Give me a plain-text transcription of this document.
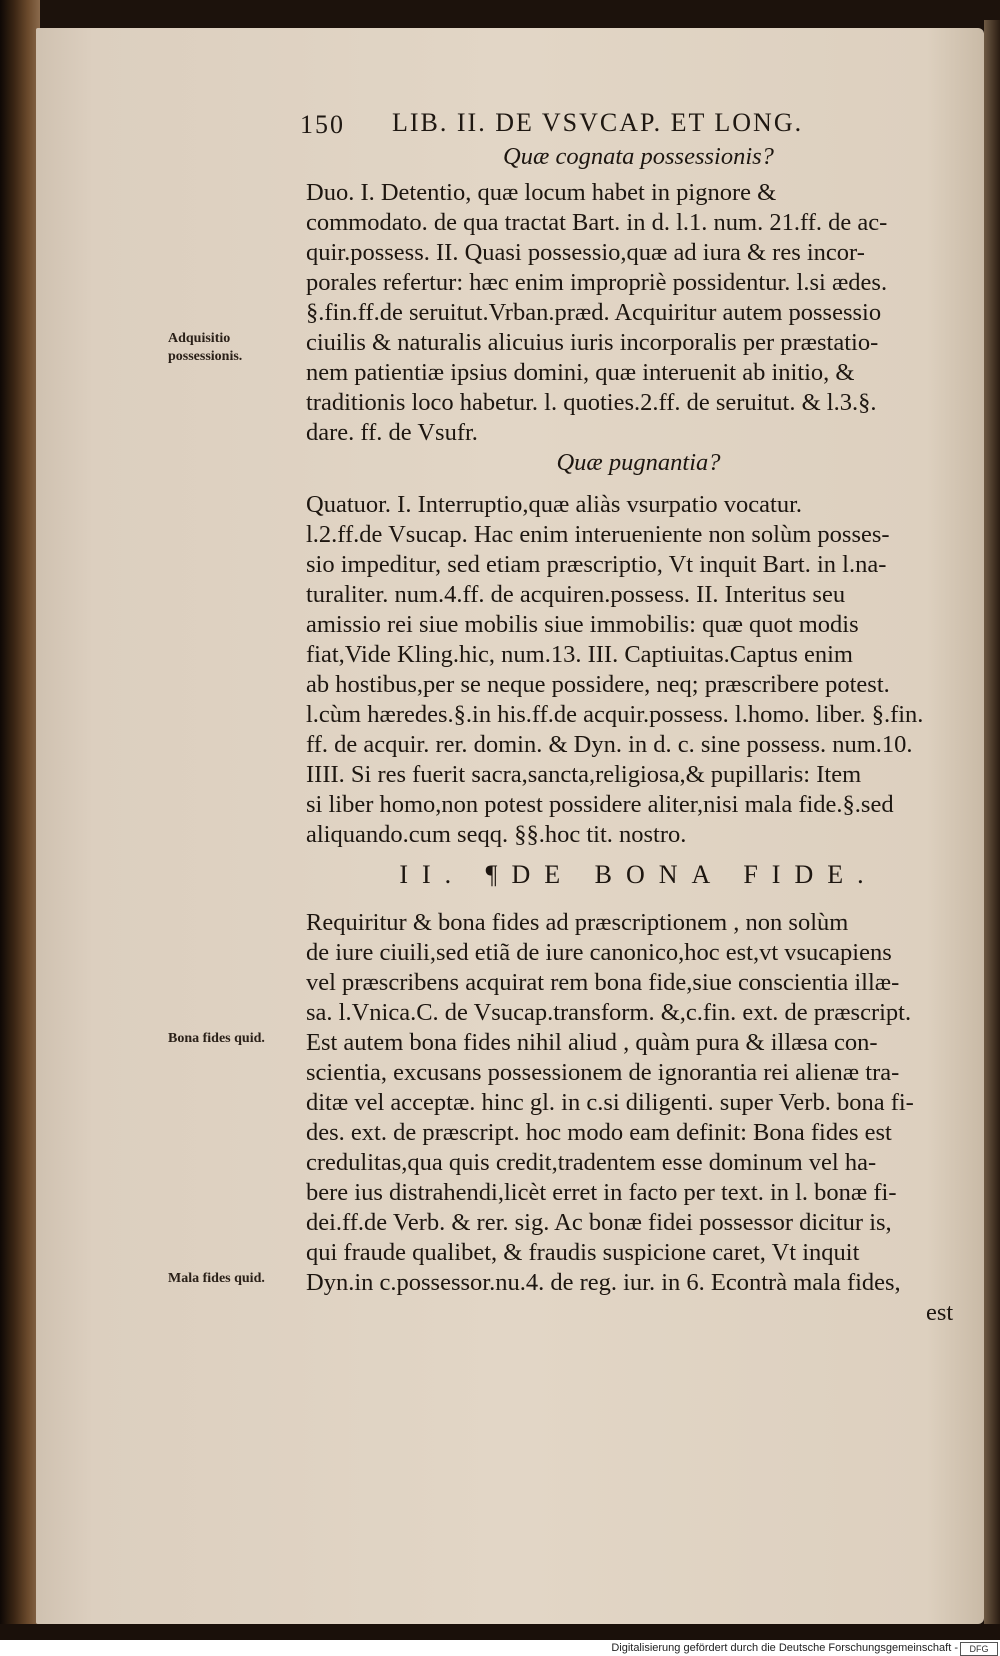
150 LIB. II. DE VSVCAP. ET LONG.
Adquisitio possessionis.
Bona fides quid.
Mala fides quid.
Quæ cognata possessionis?
Duo. I. Detentio, quæ locum habet in pignore &
commodato. de qua tractat Bart. in d. l.1. num. 21.ff. de ac-
quir.possess. II. Quasi possessio,quæ ad iura & res incor-
porales refertur: hæc enim impropriè possidentur. l.si ædes.
§.fin.ff.de seruitut.Vrban.præd. Acquiritur autem possessio
ciuilis & naturalis alicuius iuris incorporalis per præstatio-
nem patientiæ ipsius domini, quæ interuenit ab initio, &
traditionis loco habetur. l. quoties.2.ff. de seruitut. & l.3.§.
dare. ff. de Vsufr.
Quæ pugnantia?
Quatuor. I. Interruptio,quæ aliàs vsurpatio vocatur.
l.2.ff.de Vsucap. Hac enim interueniente non solùm posses-
sio impeditur, sed etiam præscriptio, Vt inquit Bart. in l.na-
turaliter. num.4.ff. de acquiren.possess. II. Interitus seu
amissio rei siue mobilis siue immobilis: quæ quot modis
fiat,Vide Kling.hic, num.13. III. Captiuitas.Captus enim
ab hostibus,per se neque possidere, neq; præscribere potest.
l.cùm hæredes.§.in his.ff.de acquir.possess. l.homo. liber. §.fin.
ff. de acquir. rer. domin. & Dyn. in d. c. sine possess. num.10.
IIII. Si res fuerit sacra,sancta,religiosa,& pupillaris: Item
si liber homo,non potest possidere aliter,nisi mala fide.§.sed
aliquando.cum seqq. §§.hoc tit. nostro.
II. ¶DE BONA FIDE.
Requiritur & bona fides ad præscriptionem , non solùm
de iure ciuili,sed etiã de iure canonico,hoc est,vt vsucapiens
vel præscribens acquirat rem bona fide,siue conscientia illæ-
sa. l.Vnica.C. de Vsucap.transform. &,c.fin. ext. de præscript.
Est autem bona fides nihil aliud , quàm pura & illæsa con-
scientia, excusans possessionem de ignorantia rei alienæ tra-
ditæ vel acceptæ. hinc gl. in c.si diligenti. super Verb. bona fi-
des. ext. de præscript. hoc modo eam definit: Bona fides est
credulitas,qua quis credit,tradentem esse dominum vel ha-
bere ius distrahendi,licèt erret in facto per text. in l. bonæ fi-
dei.ff.de Verb. & rer. sig. Ac bonæ fidei possessor dicitur is,
qui fraude qualibet, & fraudis suspicione caret, Vt inquit
Dyn.in c.possessor.nu.4. de reg. iur. in 6. Econtrà mala fides,
est
Digitalisierung gefördert durch die Deutsche Forschungsgemeinschaft -	DFG
